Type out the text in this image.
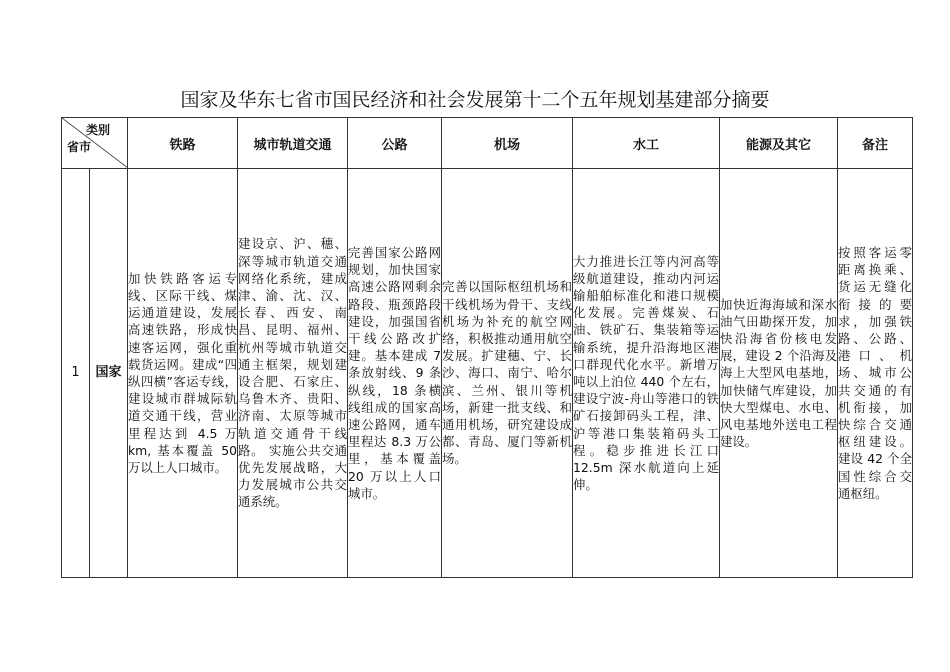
国家及华东七省市国民经济和社会发展第十二个五年规划基建部分摘要
类别
省市		铁路	城市轨道交通	公路	机场	水工	能源及其它	备注
1	国家	加快铁路客运专线、区际干线、煤运通道建设，发展高速铁路，形成快速客运网，强化重载货运网。建成“四纵四横”客运专线，建设城市群城际轨道交通干线，营业里程达到 4.5 万 km, 基本覆盖 50 万以上人口城市。	建设京、沪、穗、深等城市轨道交通网络化系统，建成津、渝、沈、汉、长春、西安、南昌、昆明、福州、杭州等城市轨道交通主框架，规划建设合肥、石家庄、乌鲁木齐、贵阳、济南、太原等城市轨道交通骨干线路。 实施公共交通优先发展战略，大力发展城市公共交通系统。	完善国家公路网规划，加快国家高速公路网剩余路段、瓶颈路段建设，加强国省干线公路改扩建。基本建成 7 条放射线、9 条纵线，18 条横线组成的国家高速公路网，通车里程达 8.3 万公里，基本覆盖 20 万以上人口城市。	完善以国际枢纽机场和干线机场为骨干、支线机场为补充的航空网络，积极推动通用航空发展。扩建穗、宁、长沙、海口、南宁、哈尔滨、兰州、银川等机场，新建一批支线、和通用机场，研究建设成都、青岛、厦门等新机场。	大力推进长江等内河高等级航道建设，推动内河运输船舶标准化和港口规模化发展。完善煤炭、石油、铁矿石、集装箱等运输系统，提升沿海地区港口群现代化水平。新增万吨以上泊位 440 个左右，建设宁波-舟山等港口的铁矿石接卸码头工程，津、沪等港口集装箱码头工程。稳步推进长江口 12.5m 深水航道向上延伸。	加快近海海域和深水油气田勘探开发，加快沿海省份核电发展，建设 2 个沿海及海上大型风电基地，加快储气库建设，加快大型煤电、水电、风电基地外送电工程建设。	按照客运零距离换乘、货运无缝化衔接的要求，加强铁路、公路、港口、机场、城市公共交通的有机衔接，加快综合交通枢纽建设。建设 42 个全国性综合交通枢纽。
